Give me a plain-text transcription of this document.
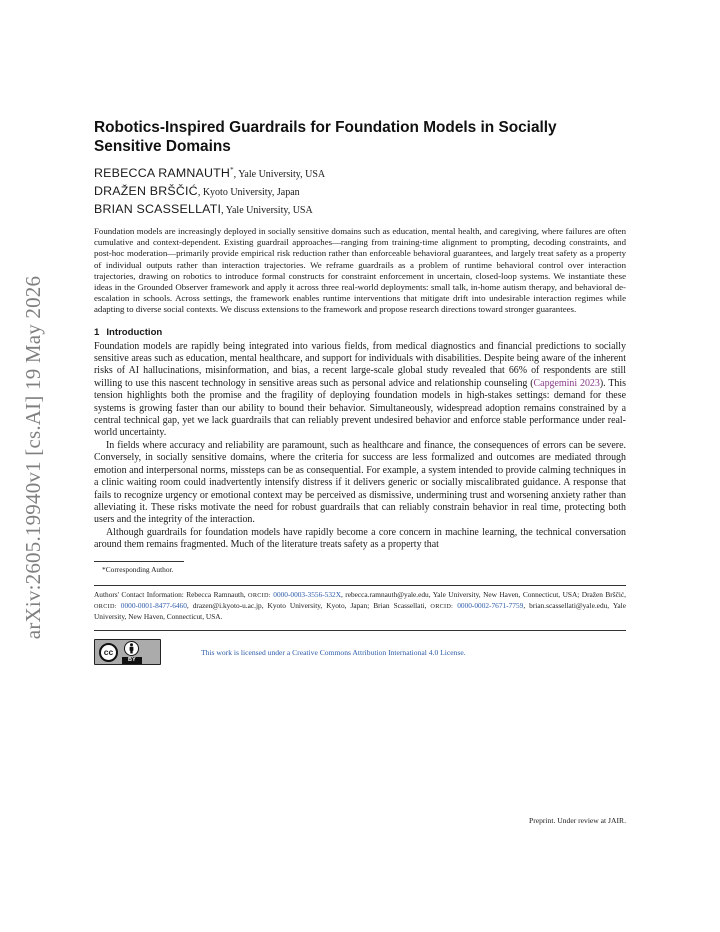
arXiv:2605.19940v1 [cs.AI] 19 May 2026
Robotics-Inspired Guardrails for Foundation Models in Socially Sensitive Domains
REBECCA RAMNAUTH*, Yale University, USA
DRAŽEN BRŠČIĆ, Kyoto University, Japan
BRIAN SCASSELLATI, Yale University, USA

Foundation models are increasingly deployed in socially sensitive domains such as education, mental health, and caregiving, where failures are often cumulative and context-dependent. Existing guardrail approaches—ranging from training-time alignment to prompting, decoding constraints, and post-hoc moderation—primarily provide empirical risk reduction rather than enforceable behavioral guarantees, and largely treat safety as a property of individual outputs rather than interaction trajectories. We reframe guardrails as a problem of runtime behavioral control over interaction trajectories, drawing on robotics to introduce formal constructs for constraint enforcement in uncertain, closed-loop systems. We instantiate these ideas in the Grounded Observer framework and apply it across three real-world deployments: small talk, in-home autism therapy, and behavioral de-escalation in schools. Across settings, the framework enables runtime interventions that mitigate drift into undesirable interaction regimes while adapting to diverse social contexts. We discuss extensions to the framework and propose research directions toward stronger guarantees.

1 Introduction

Foundation models are rapidly being integrated into various fields, from medical diagnostics and financial predictions to socially sensitive areas such as education, mental healthcare, and support for individuals with disabilities. Despite being aware of the inherent risks of AI hallucinations, misinformation, and bias, a recent large-scale global study revealed that 66% of respondents are still willing to use this nascent technology in sensitive areas such as personal advice and relationship counseling (Capgemini 2023). This tension highlights both the promise and the fragility of deploying foundation models in high-stakes settings: demand for these systems is growing faster than our ability to bound their behavior. Simultaneously, widespread adoption remains constrained by a central technical gap, yet we lack guardrails that can reliably prevent undesired behavior and enforce stable performance under real-world uncertainty.

In fields where accuracy and reliability are paramount, such as healthcare and finance, the consequences of errors can be severe. Conversely, in socially sensitive domains, where the criteria for success are less formalized and outcomes are mediated through emotion and interpersonal norms, missteps can be as consequential. For example, a system intended to provide calming techniques in a clinic waiting room could inadvertently intensify distress if it delivers generic or socially miscalibrated guidance. A response that fails to recognize urgency or emotional context may be perceived as dismissive, undermining trust and worsening anxiety rather than alleviating it. These risks motivate the need for robust guardrails that can reliably constrain behavior in real time, protecting both users and the integrity of the interaction.

Although guardrails for foundation models have rapidly become a core concern in machine learning, the technical conversation around them remains fragmented. Much of the literature treats safety as a property that

*Corresponding Author.

Authors' Contact Information: Rebecca Ramnauth, ORCID: 0000-0003-3556-532X, rebecca.ramnauth@yale.edu, Yale University, New Haven, Connecticut, USA; Dražen Brščić, ORCID: 0000-0001-8477-6460, drazen@i.kyoto-u.ac.jp, Kyoto University, Kyoto, Japan; Brian Scassellati, ORCID: 0000-0002-7671-7759, brian.scassellati@yale.edu, Yale University, New Haven, Connecticut, USA.

cc
BY
This work is licensed under a Creative Commons Attribution International 4.0 License.
Preprint. Under review at JAIR.
